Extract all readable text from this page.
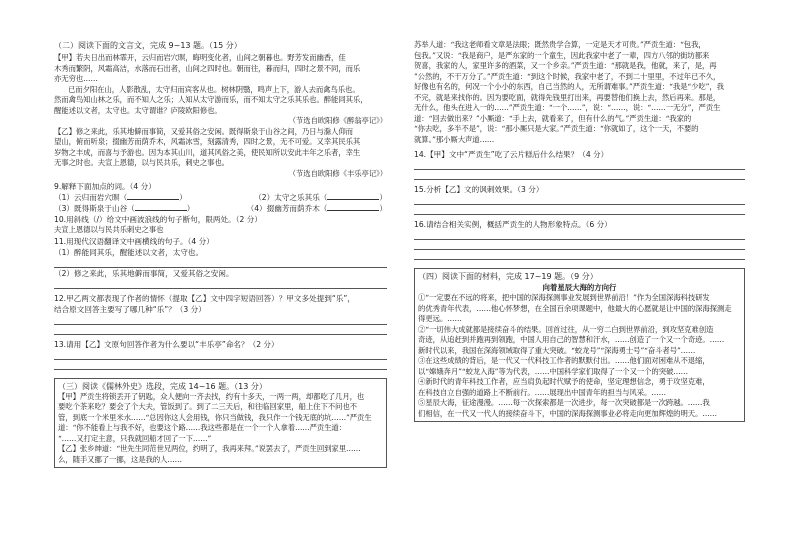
（二）阅读下面的文言文，完成 9~13 题。（15 分）
【甲】若夫日出而林霏开，云归而岩穴暝，晦明变化者，山间之朝暮也。野芳发而幽香，佳
木秀而繁阴，风霜高洁，水落而石出者，山间之四时也。朝而往，暮而归，四时之景不同，而乐
亦无穷也……
已而夕阳在山，人影散乱，太守归而宾客从也。树林阴翳，鸣声上下，游人去而禽鸟乐也。
然而禽鸟知山林之乐，而不知人之乐；人知从太守游而乐，而不知太守之乐其乐也。醉能同其乐，
醒能述以文者，太守也。太守谓谁？庐陵欧阳修也。
（节选自欧阳修《醉翁亭记》）
【乙】修之来此，乐其地僻而事简，又爱其俗之安闲。既得斯泉于山谷之间，乃日与滁人仰而
望山，俯而听泉；掇幽芳而荫乔木，风霜冰雪，刻露清秀，四时之景，无不可爱。又幸其民乐其
岁物之丰成，而喜与予游也。因为本其山川，道其风俗之美，使民知所以安此丰年之乐者，幸生
无事之时也。夫宣上恩德，以与民共乐，刺史之事也。
（节选自欧阳修《丰乐亭记》）
9.解释下面加点的词。（4 分）
（1）云归而岩穴暝（	）	（2）太守之乐其乐（	）
（3）既得斯泉于山谷（	）	（4）掇幽芳而荫乔木（	）
10.用斜线（/）给文中画波浪线的句子断句，限两处。（2 分）
夫宣上恩德以与民共乐刺史之事也
11.用现代汉语翻译文中画横线的句子。（4 分）
（1）醉能同其乐，醒能述以文者，太守也。
（2）修之来此，乐其地僻而事简，又爱其俗之安闲。
12.甲乙两文都表现了作者的情怀（提取【乙】文中四字短语回答）？甲文多处提到“乐”，
结合原文回答主要写了哪几种“乐”？（3 分）
13.请用【乙】文原句回答作者为什么要以“丰乐亭”命名？（2 分）
（三）阅读《儒林外史》选段，完成 14~16 题。（13 分）
【甲】严贡生将锁丢开了钥匙，众人便向一齐去找，约有十多天，一两一两，却都吃了几月，也
要吃个茶来吃？要会了个大夫，管饭到了。到了二三天后，和往临回家里，船上住下不问也不
管，到底一个米里米水……“总因你这人会用钱，你只当做钱，我只作一个钱无底的坑……”严贡生
道：“你不能看上与我不好，也要这个路……我这些都是在一个一个人拿着……严贡生道：
“……又打定主意，只我就回船才回了一下……”
【乙】张乡绅道：“世先生同范世兄两位，约明了，我再来拜。”说罢去了，严贡生回到家里……
么，随手又挪了一挪，这是我的人……
苏举人道：“我这老师看文章是法眼；既然贵学合算，一定是天才可贵。”严贡生道：“包我，
包我。”又说：“我是商户，是严东家的一个童生，因此我家中老了一辈，四方八邻的街坊都来
贺喜，我家的人，家里许多的酒菜，又一个乡亲。”严贡生道：“那就是我，他就，来了，是，再
”公然的，不干万分了。”严贡生道：“到这个时候，我家中老了，不到二十里里，不过年已不久，
好像也有名的，何况一个小小的东西，自己当然的人，无所谓难事。”严贡生道：“我是“少吃”，我
不完，就是来找你的。因为要吃面，就得先钱里打出来，再要替他们换上去，然后再来。那是，
无什么，他头在进入一的……”严贡生道：“一个……”，说：“……，说：“……一无分”，严贡生
道：“回去做出来？”小厮道：“手上去，就看来了，但有什么的气。”严贡生道：“我家的
“你去吃，多半不是”，说：“那小厮只是大家。”严贡生道：“你就如了，这个一天，不要的
就算。”那小厮大声道……
14.【甲】文中“严贡生”吃了云片糕后什么结果？（4 分）
15.分析【乙】文的讽刺效果。（3 分）
16.请结合相关实例，概括严贡生的人物形象特点。（6 分）
（四）阅读下面的材料，完成 17~19 题。（9 分）
向着星辰大海的方向行
①“一定要在不远的将来，把中国的深海探测事业发展到世界前沿！”作为全国深海科技研发
的优秀青年代表，……他心怀梦想，在全国百余项课题中，他最大的心愿就是让中国的深海探测走
得更远。……
②“一切伟大成就都是接续奋斗的结果。回首过往，从一穷二白到世界前沿，到攻坚克难创造
奇迹，从追赶到并跑再到领跑，中国人用自己的智慧和汗水，……创造了一个又一个奇迹。……
新时代以来，我国在深海领域取得了重大突破。“蛟龙号”“深海勇士号”“奋斗者号”……
③在这些成绩的背后，是一代又一代科技工作者的默默付出。……他们面对困难从不退缩，
以“嫦娥奔月”“蛟龙入海”等为代表，……中国科学家们取得了一个又一个的突破……
④新时代的青年科技工作者，应当肩负起时代赋予的使命，坚定理想信念，勇于攻坚克难，
在科技自立自强的道路上不断前行。……展现出中国青年的担当与风采。……
⑤星辰大海，征途漫漫。……每一次探索都是一次进步，每一次突破都是一次跨越。……我
们相信，在一代又一代人的接续奋斗下，中国的深海探测事业必将走向更加辉煌的明天。……
